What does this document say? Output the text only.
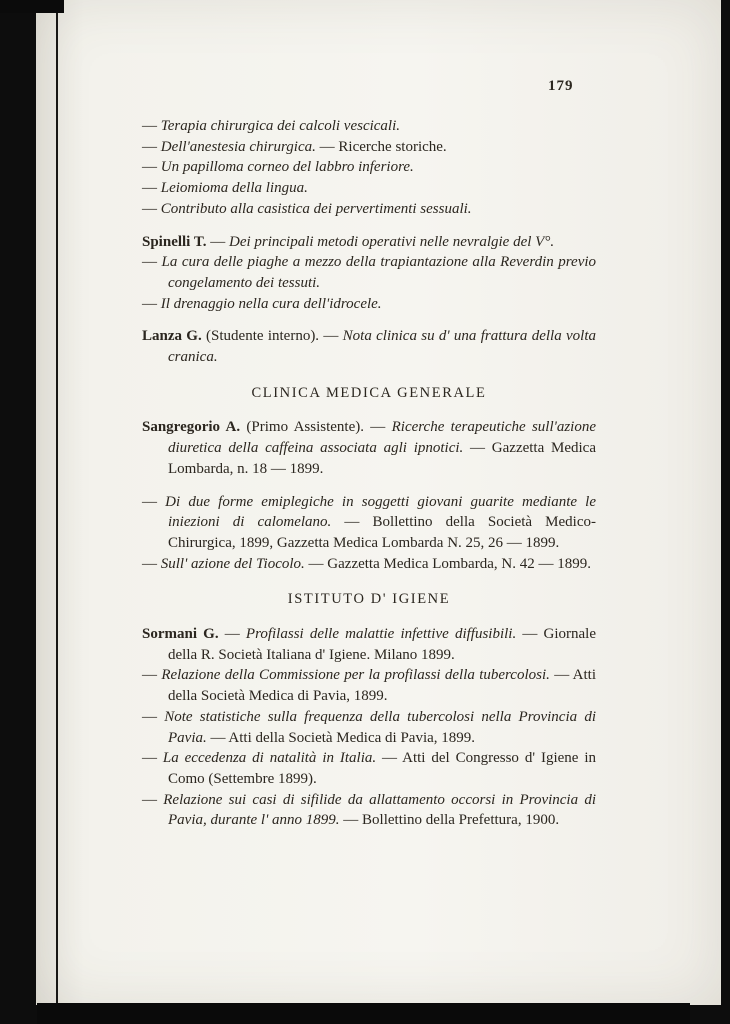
179

— Terapia chirurgica dei calcoli vescicali.

— Dell'anestesia chirurgica. — Ricerche storiche.

— Un papilloma corneo del labbro inferiore.

— Leiomioma della lingua.

— Contributo alla casistica dei pervertimenti sessuali.

Spinelli T. — Dei principali metodi operativi nelle nevralgie del V°.

— La cura delle piaghe a mezzo della trapiantazione alla Reverdin previo congelamento dei tessuti.

— Il drenaggio nella cura dell'idrocele.

Lanza G. (Studente interno). — Nota clinica su d' una frattura della volta cranica.

CLINICA MEDICA GENERALE

Sangregorio A. (Primo Assistente). — Ricerche terapeutiche sull'azione diuretica della caffeina associata agli ipnotici. — Gazzetta Medica Lombarda, n. 18 — 1899.

— Di due forme emiplegiche in soggetti giovani guarite mediante le iniezioni di calomelano. — Bollettino della Società Medico-Chirurgica, 1899, Gazzetta Medica Lombarda N. 25, 26 — 1899.

— Sull' azione del Tiocolo. — Gazzetta Medica Lombarda, N. 42 — 1899.

ISTITUTO D' IGIENE

Sormani G. — Profilassi delle malattie infettive diffusibili. — Giornale della R. Società Italiana d' Igiene. Milano 1899.

— Relazione della Commissione per la profilassi della tubercolosi. — Atti della Società Medica di Pavia, 1899.

— Note statistiche sulla frequenza della tubercolosi nella Provincia di Pavia. — Atti della Società Medica di Pavia, 1899.

— La eccedenza di natalità in Italia. — Atti del Congresso d' Igiene in Como (Settembre 1899).

— Relazione sui casi di sifilide da allattamento occorsi in Provincia di Pavia, durante l' anno 1899. — Bollettino della Prefettura, 1900.
